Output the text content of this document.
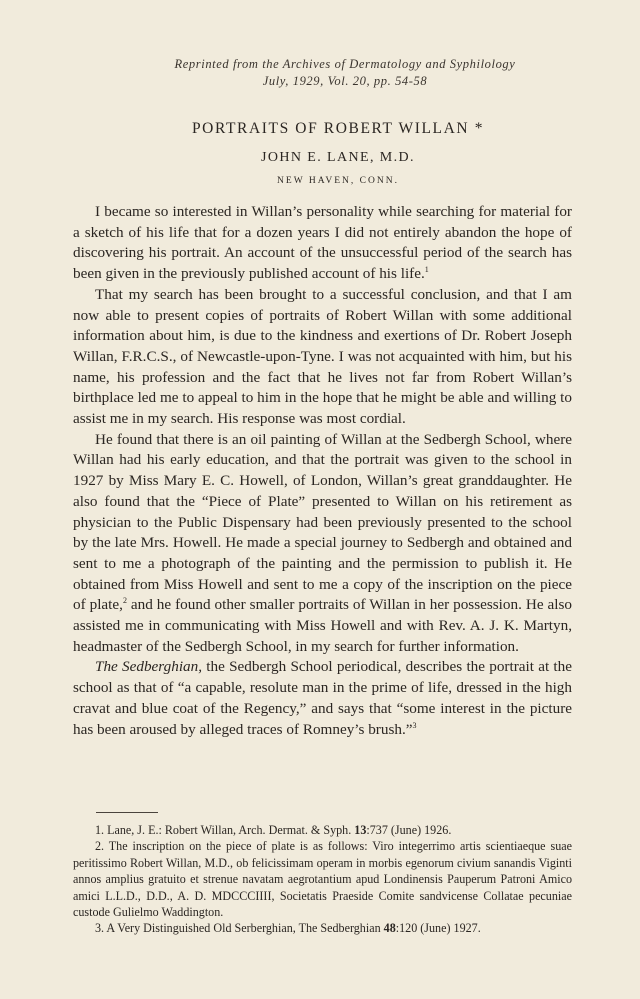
Reprinted from the Archives of Dermatology and Syphilology
July, 1929, Vol. 20, pp. 54-58
PORTRAITS OF ROBERT WILLAN *
JOHN E. LANE, M.D.
NEW HAVEN, CONN.

I became so interested in Willan’s personality while searching for material for a sketch of his life that for a dozen years I did not entirely abandon the hope of discovering his portrait. An account of the unsuccessful period of the search has been given in the previously published account of his life.$^1$

That my search has been brought to a successful conclusion, and that I am now able to present copies of portraits of Robert Willan with some additional information about him, is due to the kindness and exertions of Dr. Robert Joseph Willan, F.R.C.S., of Newcastle-upon-Tyne. I was not acquainted with him, but his name, his profession and the fact that he lives not far from Robert Willan’s birthplace led me to appeal to him in the hope that he might be able and willing to assist me in my search. His response was most cordial.

He found that there is an oil painting of Willan at the Sedbergh School, where Willan had his early education, and that the portrait was given to the school in 1927 by Miss Mary E. C. Howell, of London, Willan’s great granddaughter. He also found that the “Piece of Plate” presented to Willan on his retirement as physician to the Public Dispensary had been previously presented to the school by the late Mrs. Howell. He made a special journey to Sedbergh and obtained and sent to me a photograph of the painting and the permission to publish it. He obtained from Miss Howell and sent to me a copy of the inscription on the piece of plate,$^2$ and he found other smaller portraits of Willan in her possession. He also assisted me in communicating with Miss Howell and with Rev. A. J. K. Martyn, headmaster of the Sedbergh School, in my search for further information.

The Sedberghian, the Sedbergh School periodical, describes the portrait at the school as that of “a capable, resolute man in the prime of life, dressed in the high cravat and blue coat of the Regency,” and says that “some interest in the picture has been aroused by alleged traces of Romney’s brush.”$^3$

1. Lane, J. E.: Robert Willan, Arch. Dermat. & Syph. 13:737 (June) 1926.

2. The inscription on the piece of plate is as follows: Viro integerrimo artis scientiaeque suae peritissimo Robert Willan, M.D., ob felicissimam operam in morbis egenorum civium sanandis Viginti annos amplius gratuito et strenue navatam aegrotantium apud Londinensis Pauperum Patroni Amico amici L.L.D., D.D., A. D. MDCCCIIII, Societatis Praeside Comite sandvicense Collatae pecuniae custode Gulielmo Waddington.

3. A Very Distinguished Old Serberghian, The Sedberghian 48:120 (June) 1927.
